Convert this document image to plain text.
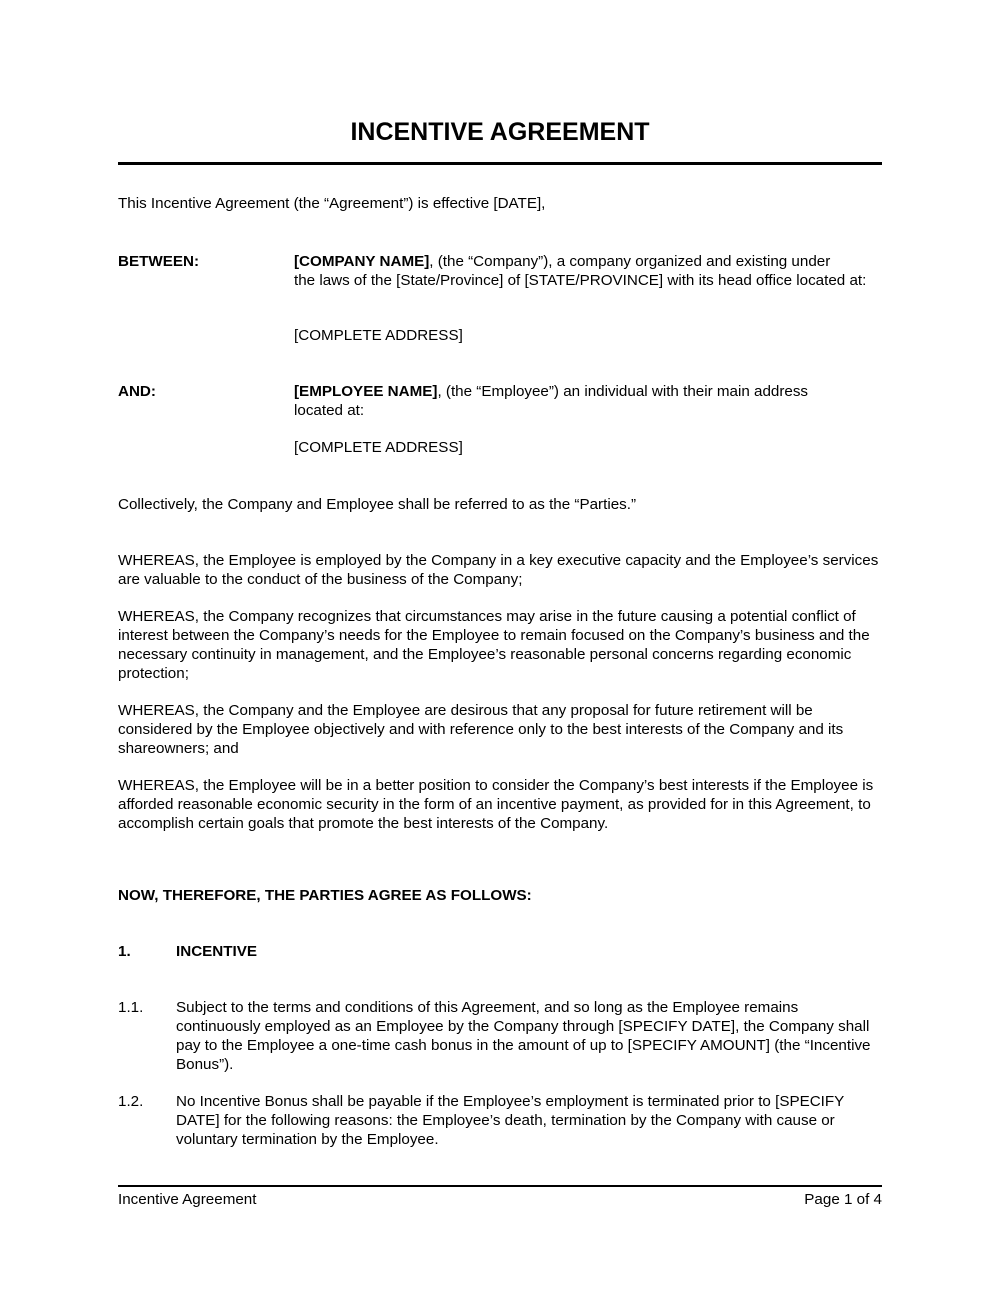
INCENTIVE AGREEMENT
This Incentive Agreement (the “Agreement”) is effective [DATE],
BETWEEN:	[COMPANY NAME], (the “Company”), a company organized and existing under
the laws of the [State/Province] of [STATE/PROVINCE] with its head office located at:
[COMPLETE ADDRESS]
AND:	[EMPLOYEE NAME], (the “Employee”) an individual with their main address
located at:
[COMPLETE ADDRESS]
Collectively, the Company and Employee shall be referred to as the “Parties.”
WHEREAS, the Employee is employed by the Company in a key executive capacity and the Employee’s services are valuable to the conduct of the business of the Company;
WHEREAS, the Company recognizes that circumstances may arise in the future causing a potential conflict of interest between the Company’s needs for the Employee to remain focused on the Company’s business and the necessary continuity in management, and the Employee’s reasonable personal concerns regarding economic protection;
WHEREAS, the Company and the Employee are desirous that any proposal for future retirement will be considered by the Employee objectively and with reference only to the best interests of the Company and its shareowners; and
WHEREAS, the Employee will be in a better position to consider the Company’s best interests if the Employee is afforded reasonable economic security in the form of an incentive payment, as provided for in this Agreement, to accomplish certain goals that promote the best interests of the Company.
NOW, THEREFORE, THE PARTIES AGREE AS FOLLOWS:
1.	INCENTIVE
1.1. Subject to the terms and conditions of this Agreement, and so long as the Employee remains continuously employed as an Employee by the Company through [SPECIFY DATE], the Company shall pay to the Employee a one-time cash bonus in the amount of up to [SPECIFY AMOUNT] (the “Incentive Bonus”).
1.2. No Incentive Bonus shall be payable if the Employee’s employment is terminated prior to [SPECIFY DATE] for the following reasons: the Employee’s death, termination by the Company with cause or voluntary termination by the Employee.
Incentive Agreement	Page 1 of 4
